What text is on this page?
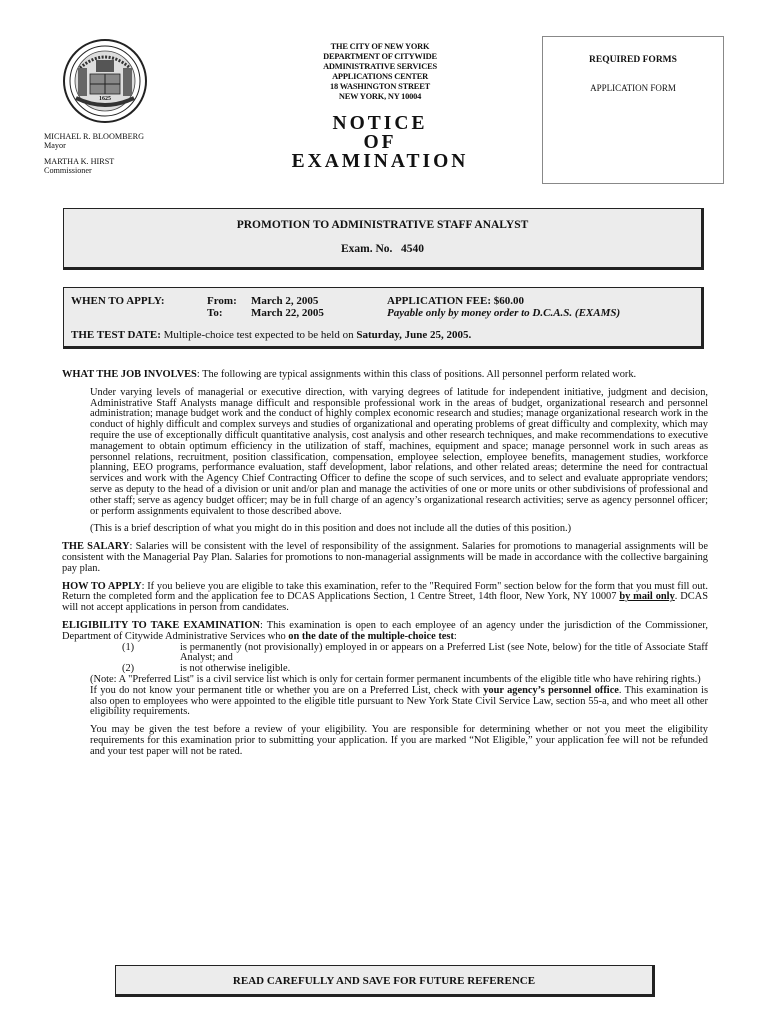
1625
MICHAEL R. BLOOMBERG
Mayor
MARTHA K. HIRST
Commissioner
THE CITY OF NEW YORK
DEPARTMENT OF CITYWIDE
ADMINISTRATIVE SERVICES
APPLICATIONS CENTER
18 WASHINGTON STREET
NEW YORK, NY 10004
NOTICE
OF
EXAMINATION
REQUIRED FORMS
APPLICATION FORM
PROMOTION TO ADMINISTRATIVE STAFF ANALYST
Exam. No. 4540
WHEN TO APPLY:	From: March 2, 2005
To:	March 22, 2005
APPLICATION FEE: $60.00
Payable only by money order to D.C.A.S. (EXAMS)
THE TEST DATE: Multiple-choice test expected to be held on Saturday, June 25, 2005.

WHAT THE JOB INVOLVES: The following are typical assignments within this class of positions. All personnel perform related work.

Under varying levels of managerial or executive direction, with varying degrees of latitude for independent initiative, judgment and decision, Administrative Staff Analysts manage difficult and responsible professional work in the areas of budget, organizational research and personnel administration; manage budget work and the conduct of highly complex economic research and studies; manage organizational research work in the conduct of highly difficult and complex surveys and studies of organizational and operating problems of great difficulty and complexity, which may require the use of exceptionally difficult quantitative analysis, cost analysis and other research techniques, and make recommendations to executive management to obtain optimum efficiency in the utilization of staff, machines, equipment and space; manage personnel work in such areas as personnel relations, recruitment, position classification, compensation, employee selection, employee benefits, management studies, workforce planning, EEO programs, performance evaluation, staff development, labor relations, and other related areas; determine the need for contractual services and work with the Agency Chief Contracting Officer to define the scope of such services, and to select and evaluate appropriate vendors; serve as deputy to the head of a division or unit and/or plan and manage the activities of one or more units or other subdivisions of professional and other staff; serve as agency budget officer; may be in full charge of an agency’s organizational research activities; serve as agency personnel officer; or perform assignments equivalent to those described above.

(This is a brief description of what you might do in this position and does not include all the duties of this position.)

THE SALARY: Salaries will be consistent with the level of responsibility of the assignment. Salaries for promotions to managerial assignments will be consistent with the Managerial Pay Plan. Salaries for promotions to non-managerial assignments will be made in accordance with the collective bargaining pay plan.

HOW TO APPLY: If you believe you are eligible to take this examination, refer to the "Required Form" section below for the form that you must fill out. Return the completed form and the application fee to DCAS Applications Section, 1 Centre Street, 14th floor, New York, NY 10007 by mail only. DCAS will not accept applications in person from candidates.

ELIGIBILITY TO TAKE EXAMINATION: This examination is open to each employee of an agency under the jurisdiction of the Commissioner, Department of Citywide Administrative Services who on the date of the multiple-choice test:

(1)	is permanently (not provisionally) employed in or appears on a Preferred List (see Note, below) for the title of Associate Staff Analyst; and
(2)	is not otherwise ineligible.

(Note: A "Preferred List" is a civil service list which is only for certain former permanent incumbents of the eligible title who have rehiring rights.)

If you do not know your permanent title or whether you are on a Preferred List, check with your agency’s personnel office. This examination is also open to employees who were appointed to the eligible title pursuant to New York State Civil Service Law, section 55-a, and who meet all other eligibility requirements.

You may be given the test before a review of your eligibility. You are responsible for determining whether or not you meet the eligibility requirements for this examination prior to submitting your application. If you are marked “Not Eligible,” your application fee will not be refunded and your test paper will not be rated.

READ CAREFULLY AND SAVE FOR FUTURE REFERENCE
